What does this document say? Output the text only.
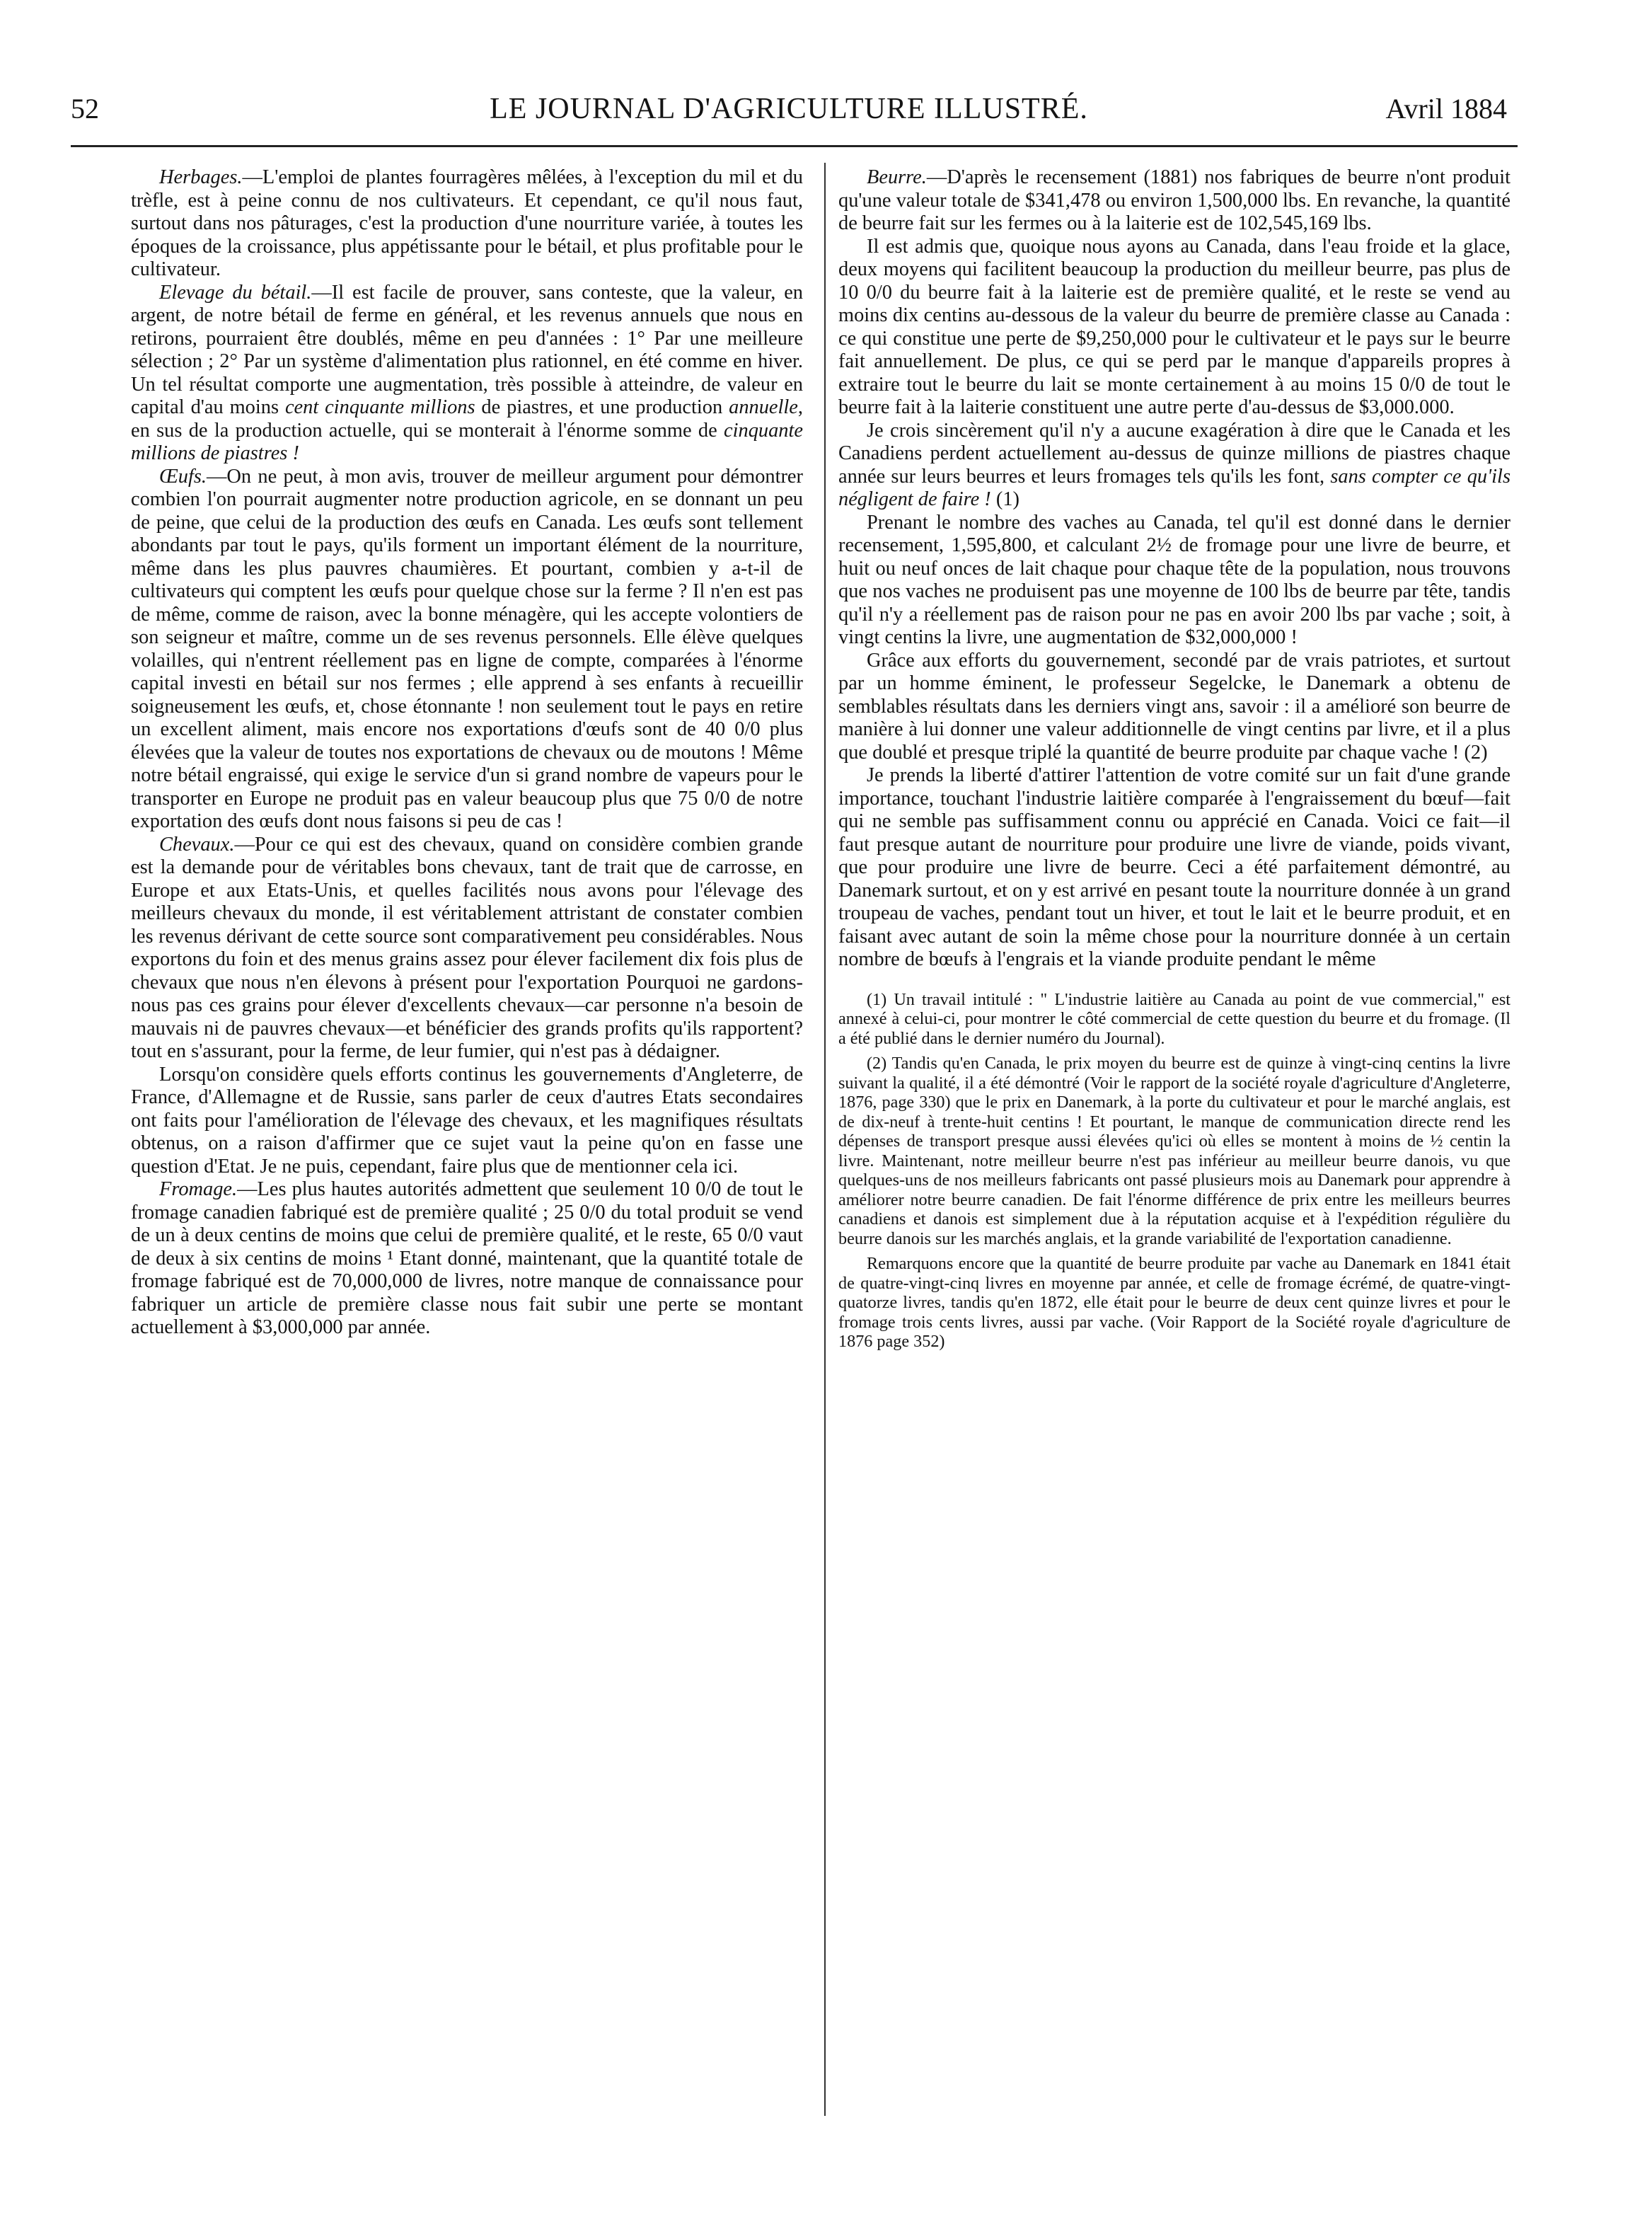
52	LE JOURNAL D'AGRICULTURE ILLUSTRÉ.	Avril 1884

Herbages.—L'emploi de plantes fourragères mêlées, à l'exception du mil et du trèfle, est à peine connu de nos cultivateurs. Et cependant, ce qu'il nous faut, surtout dans nos pâturages, c'est la production d'une nourriture variée, à toutes les époques de la croissance, plus appétissante pour le bétail, et plus profitable pour le cultivateur.

Elevage du bétail.—Il est facile de prouver, sans conteste, que la valeur, en argent, de notre bétail de ferme en général, et les revenus annuels que nous en retirons, pourraient être doublés, même en peu d'années : 1° Par une meilleure sélection ; 2° Par un système d'alimentation plus rationnel, en été comme en hiver. Un tel résultat comporte une augmentation, très possible à atteindre, de valeur en capital d'au moins cent cinquante millions de piastres, et une production annuelle, en sus de la production actuelle, qui se monterait à l'énorme somme de cinquante millions de piastres !

Œufs.—On ne peut, à mon avis, trouver de meilleur argument pour démontrer combien l'on pourrait augmenter notre production agricole, en se donnant un peu de peine, que celui de la production des œufs en Canada. Les œufs sont tellement abondants par tout le pays, qu'ils forment un important élément de la nourriture, même dans les plus pauvres chaumières. Et pourtant, combien y a-t-il de cultivateurs qui comptent les œufs pour quelque chose sur la ferme ? Il n'en est pas de même, comme de raison, avec la bonne ménagère, qui les accepte volontiers de son seigneur et maître, comme un de ses revenus personnels. Elle élève quelques volailles, qui n'entrent réellement pas en ligne de compte, comparées à l'énorme capital investi en bétail sur nos fermes ; elle apprend à ses enfants à recueillir soigneusement les œufs, et, chose étonnante ! non seulement tout le pays en retire un excellent aliment, mais encore nos exportations d'œufs sont de 40 0/0 plus élevées que la valeur de toutes nos exportations de chevaux ou de moutons ! Même notre bétail engraissé, qui exige le service d'un si grand nombre de vapeurs pour le transporter en Europe ne produit pas en valeur beaucoup plus que 75 0/0 de notre exportation des œufs dont nous faisons si peu de cas !

Chevaux.—Pour ce qui est des chevaux, quand on considère combien grande est la demande pour de véritables bons chevaux, tant de trait que de carrosse, en Europe et aux Etats-Unis, et quelles facilités nous avons pour l'élevage des meilleurs chevaux du monde, il est véritablement attristant de constater combien les revenus dérivant de cette source sont comparativement peu considérables. Nous exportons du foin et des menus grains assez pour élever facilement dix fois plus de chevaux que nous n'en élevons à présent pour l'exportation Pourquoi ne gardons-nous pas ces grains pour élever d'excellents chevaux—car personne n'a besoin de mauvais ni de pauvres chevaux—et bénéficier des grands profits qu'ils rapportent? tout en s'assurant, pour la ferme, de leur fumier, qui n'est pas à dédaigner.

Lorsqu'on considère quels efforts continus les gouvernements d'Angleterre, de France, d'Allemagne et de Russie, sans parler de ceux d'autres Etats secondaires ont faits pour l'amélioration de l'élevage des chevaux, et les magnifiques résultats obtenus, on a raison d'affirmer que ce sujet vaut la peine qu'on en fasse une question d'Etat. Je ne puis, cependant, faire plus que de mentionner cela ici.

Fromage.—Les plus hautes autorités admettent que seulement 10 0/0 de tout le fromage canadien fabriqué est de première qualité ; 25 0/0 du total produit se vend de un à deux centins de moins que celui de première qualité, et le reste, 65 0/0 vaut de deux à six centins de moins ¹ Etant donné, maintenant, que la quantité totale de fromage fabriqué est de 70,000,000 de livres, notre manque de connaissance pour fabriquer un article de première classe nous fait subir une perte se montant actuellement à $3,000,000 par année.

Beurre.—D'après le recensement (1881) nos fabriques de beurre n'ont produit qu'une valeur totale de $341,478 ou environ 1,500,000 lbs. En revanche, la quantité de beurre fait sur les fermes ou à la laiterie est de 102,545,169 lbs.

Il est admis que, quoique nous ayons au Canada, dans l'eau froide et la glace, deux moyens qui facilitent beaucoup la production du meilleur beurre, pas plus de 10 0/0 du beurre fait à la laiterie est de première qualité, et le reste se vend au moins dix centins au-dessous de la valeur du beurre de première classe au Canada : ce qui constitue une perte de $9,250,000 pour le cultivateur et le pays sur le beurre fait annuellement. De plus, ce qui se perd par le manque d'appareils propres à extraire tout le beurre du lait se monte certainement à au moins 15 0/0 de tout le beurre fait à la laiterie constituent une autre perte d'au-dessus de $3,000.000.

Je crois sincèrement qu'il n'y a aucune exagération à dire que le Canada et les Canadiens perdent actuellement au-dessus de quinze millions de piastres chaque année sur leurs beurres et leurs fromages tels qu'ils les font, sans compter ce qu'ils négligent de faire ! (1)

Prenant le nombre des vaches au Canada, tel qu'il est donné dans le dernier recensement, 1,595,800, et calculant 2½ de fromage pour une livre de beurre, et huit ou neuf onces de lait chaque pour chaque tête de la population, nous trouvons que nos vaches ne produisent pas une moyenne de 100 lbs de beurre par tête, tandis qu'il n'y a réellement pas de raison pour ne pas en avoir 200 lbs par vache ; soit, à vingt centins la livre, une augmentation de $32,000,000 !

Grâce aux efforts du gouvernement, secondé par de vrais patriotes, et surtout par un homme éminent, le professeur Segelcke, le Danemark a obtenu de semblables résultats dans les derniers vingt ans, savoir : il a amélioré son beurre de manière à lui donner une valeur additionnelle de vingt centins par livre, et il a plus que doublé et presque triplé la quantité de beurre produite par chaque vache ! (2)

Je prends la liberté d'attirer l'attention de votre comité sur un fait d'une grande importance, touchant l'industrie laitière comparée à l'engraissement du bœuf—fait qui ne semble pas suffisamment connu ou apprécié en Canada. Voici ce fait—il faut presque autant de nourriture pour produire une livre de viande, poids vivant, que pour produire une livre de beurre. Ceci a été parfaitement démontré, au Danemark surtout, et on y est arrivé en pesant toute la nourriture donnée à un grand troupeau de vaches, pendant tout un hiver, et tout le lait et le beurre produit, et en faisant avec autant de soin la même chose pour la nourriture donnée à un certain nombre de bœufs à l'engrais et la viande produite pendant le même

(1) Un travail intitulé : " L'industrie laitière au Canada au point de vue commercial," est annexé à celui-ci, pour montrer le côté commercial de cette question du beurre et du fromage. (Il a été publié dans le dernier numéro du Journal).

(2) Tandis qu'en Canada, le prix moyen du beurre est de quinze à vingt-cinq centins la livre suivant la qualité, il a été démontré (Voir le rapport de la société royale d'agriculture d'Angleterre, 1876, page 330) que le prix en Danemark, à la porte du cultivateur et pour le marché anglais, est de dix-neuf à trente-huit centins ! Et pourtant, le manque de communication directe rend les dépenses de transport presque aussi élevées qu'ici où elles se montent à moins de ½ centin la livre. Maintenant, notre meilleur beurre n'est pas inférieur au meilleur beurre danois, vu que quelques-uns de nos meilleurs fabricants ont passé plusieurs mois au Danemark pour apprendre à améliorer notre beurre canadien. De fait l'énorme différence de prix entre les meilleurs beurres canadiens et danois est simplement due à la réputation acquise et à l'expédition régulière du beurre danois sur les marchés anglais, et la grande variabilité de l'exportation canadienne.

Remarquons encore que la quantité de beurre produite par vache au Danemark en 1841 était de quatre-vingt-cinq livres en moyenne par année, et celle de fromage écrémé, de quatre-vingt-quatorze livres, tandis qu'en 1872, elle était pour le beurre de deux cent quinze livres et pour le fromage trois cents livres, aussi par vache. (Voir Rapport de la Société royale d'agriculture de 1876 page 352)
